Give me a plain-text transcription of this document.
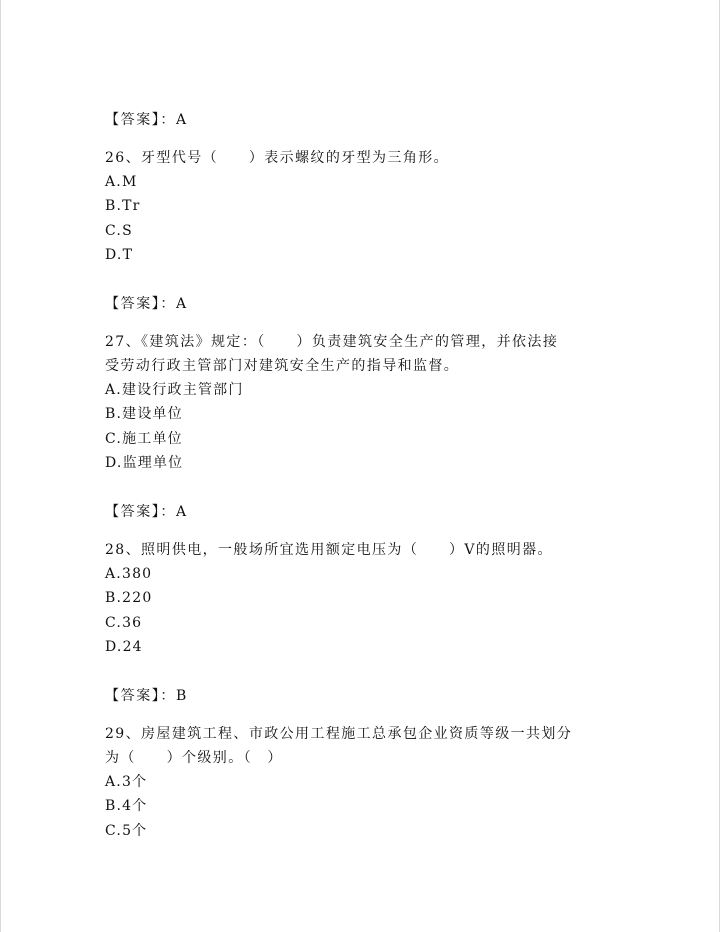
【答案】：A
26、牙型代号（　　）表示螺纹的牙型为三角形。
A.M
B.Tr
C.S
D.T
【答案】：A
27、《建筑法》规定：（　　）负责建筑安全生产的管理，并依法接
受劳动行政主管部门对建筑安全生产的指导和监督。
A.建设行政主管部门
B.建设单位
C.施工单位
D.监理单位
【答案】：A
28、照明供电，一般场所宜选用额定电压为（　　）V的照明器。
A.380
B.220
C.36
D.24
【答案】：B
29、房屋建筑工程、市政公用工程施工总承包企业资质等级一共划分
为（　　）个级别。（　）
A.3个
B.4个
C.5个
